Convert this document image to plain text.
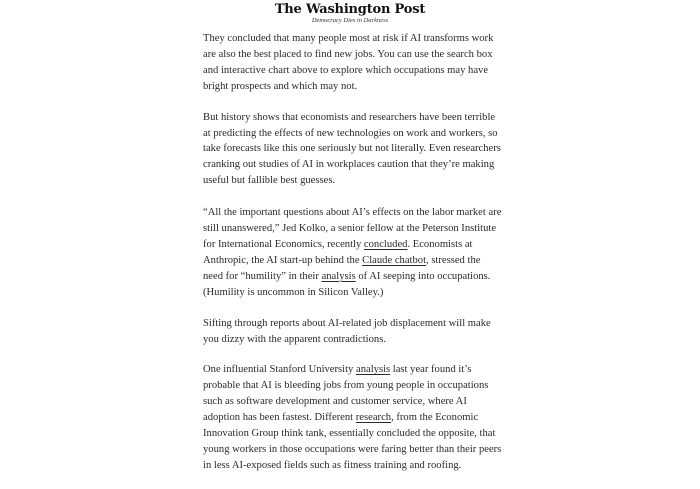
The Washington Post
Democracy Dies in Darkness

They concluded that many people most at risk if AI transforms work are also the best placed to find new jobs. You can use the search box and interactive chart above to explore which occupations may have bright prospects and which may not.

But history shows that economists and researchers have been terrible at predicting the effects of new technologies on work and workers, so take forecasts like this one seriously but not literally. Even researchers cranking out studies of AI in workplaces caution that they’re making useful but fallible best guesses.

“All the important questions about AI’s effects on the labor market are still unanswered,” Jed Kolko, a senior fellow at the Peterson Institute for International Economics, recently concluded. Economists at Anthropic, the AI start-up behind the Claude chatbot, stressed the need for “humility” in their analysis of AI seeping into occupations. (Humility is uncommon in Silicon Valley.)

Sifting through reports about AI-related job displacement will make you dizzy with the apparent contradictions.

One influential Stanford University analysis last year found it’s probable that AI is bleeding jobs from young people in occupations such as software development and customer service, where AI adoption has been fastest. Different research, from the Economic Innovation Group think tank, essentially concluded the opposite, that young workers in those occupations were faring better than their peers in less AI-exposed fields such as fitness training and roofing.
